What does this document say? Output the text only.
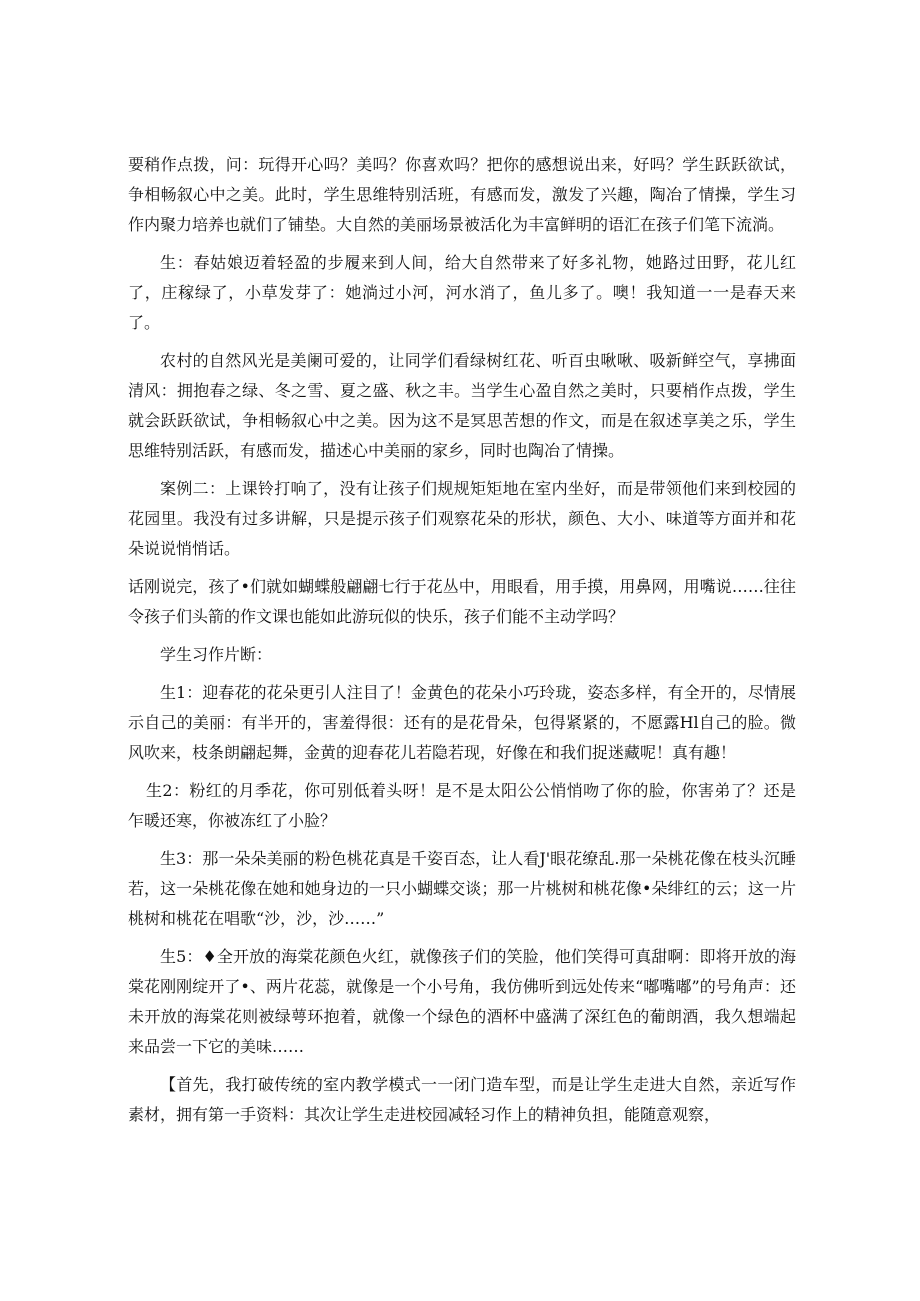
要稍作点拨，问：玩得开心吗？美吗？你喜欢吗？把你的感想说出来，好吗？学生跃跃欲试，争相畅叙心中之美。此时，学生思维特别活班，有感而发，激发了兴趣，陶冶了情操，学生习作内聚力培养也就们了铺垫。大自然的美丽场景被活化为丰富鲜明的语汇在孩子们笔下流淌。

生：春姑娘迈着轻盈的步履来到人间，给大自然带来了好多礼物，她路过田野，花儿红了，庄稼绿了，小草发芽了：她淌过小河，河水消了，鱼儿多了。噢！我知道一一是春天来了。

农村的自然风光是美阑可爱的，让同学们看绿树红花、听百虫啾啾、吸新鲜空气，享拂面清风：拥抱春之绿、冬之雪、夏之盛、秋之丰。当学生心盈自然之美时，只要梢作点拨，学生就会跃跃欲试，争相畅叙心中之美。因为这不是冥思苦想的作文，而是在叙述享美之乐，学生思维特别活跃，有感而发，描述心中美丽的家乡，同时也陶冶了情操。

案例二：上课铃打响了，没有让孩子们规规矩矩地在室内坐好，而是带领他们来到校园的花园里。我没有过多讲解，只是提示孩子们观察花朵的形状，颜色、大小、味道等方面并和花朵说说悄悄话。

话刚说完，孩了•们就如蝴蝶般翩翩七行于花丛中，用眼看，用手摸，用鼻网，用嘴说……往往令孩子们头箭的作文课也能如此游玩似的快乐，孩子们能不主动学吗？

学生习作片断：

生1：迎春花的花朵更引人注目了！金黄色的花朵小巧玲珑，姿态多样，有全开的，尽情展示自己的美丽：有半开的，害羞得很：还有的是花骨朵，包得紧紧的，不愿露Hl自己的脸。微风吹来，枝条朗翩起舞，金黄的迎春花儿若隐若现，好像在和我们捉迷藏呢！真有趣！

生2：粉红的月季花，你可别低着头呀！是不是太阳公公悄悄吻了你的脸，你害弟了？还是乍暖还寒，你被冻红了小脸？

生3：那一朵朵美丽的粉色桃花真是千姿百态，让人看J'眼花缭乱.那一朵桃花像在枝头沉睡若，这一朵桃花像在她和她身边的一只小蝴蝶交谈；那一片桃树和桃花像•朵绯红的云；这一片桃树和桃花在唱歌“沙，沙，沙……”

生5：♦全开放的海棠花颜色火红，就像孩子们的笑脸，他们笑得可真甜啊：即将开放的海棠花刚刚绽开了•、两片花蕊，就像是一个小号角，我仿佛听到远处传来“嘟嘴嘟”的号角声：还未开放的海棠花则被绿萼环抱着，就像一个绿色的酒杯中盛满了深红色的葡朗酒，我久想端起来品尝一下它的美味……

【首先，我打破传统的室内教学模式一一闭门造车型，而是让学生走进大自然，亲近写作素材，拥有第一手资料：其次让学生走进校园减轻习作上的精神负担，能随意观察，
